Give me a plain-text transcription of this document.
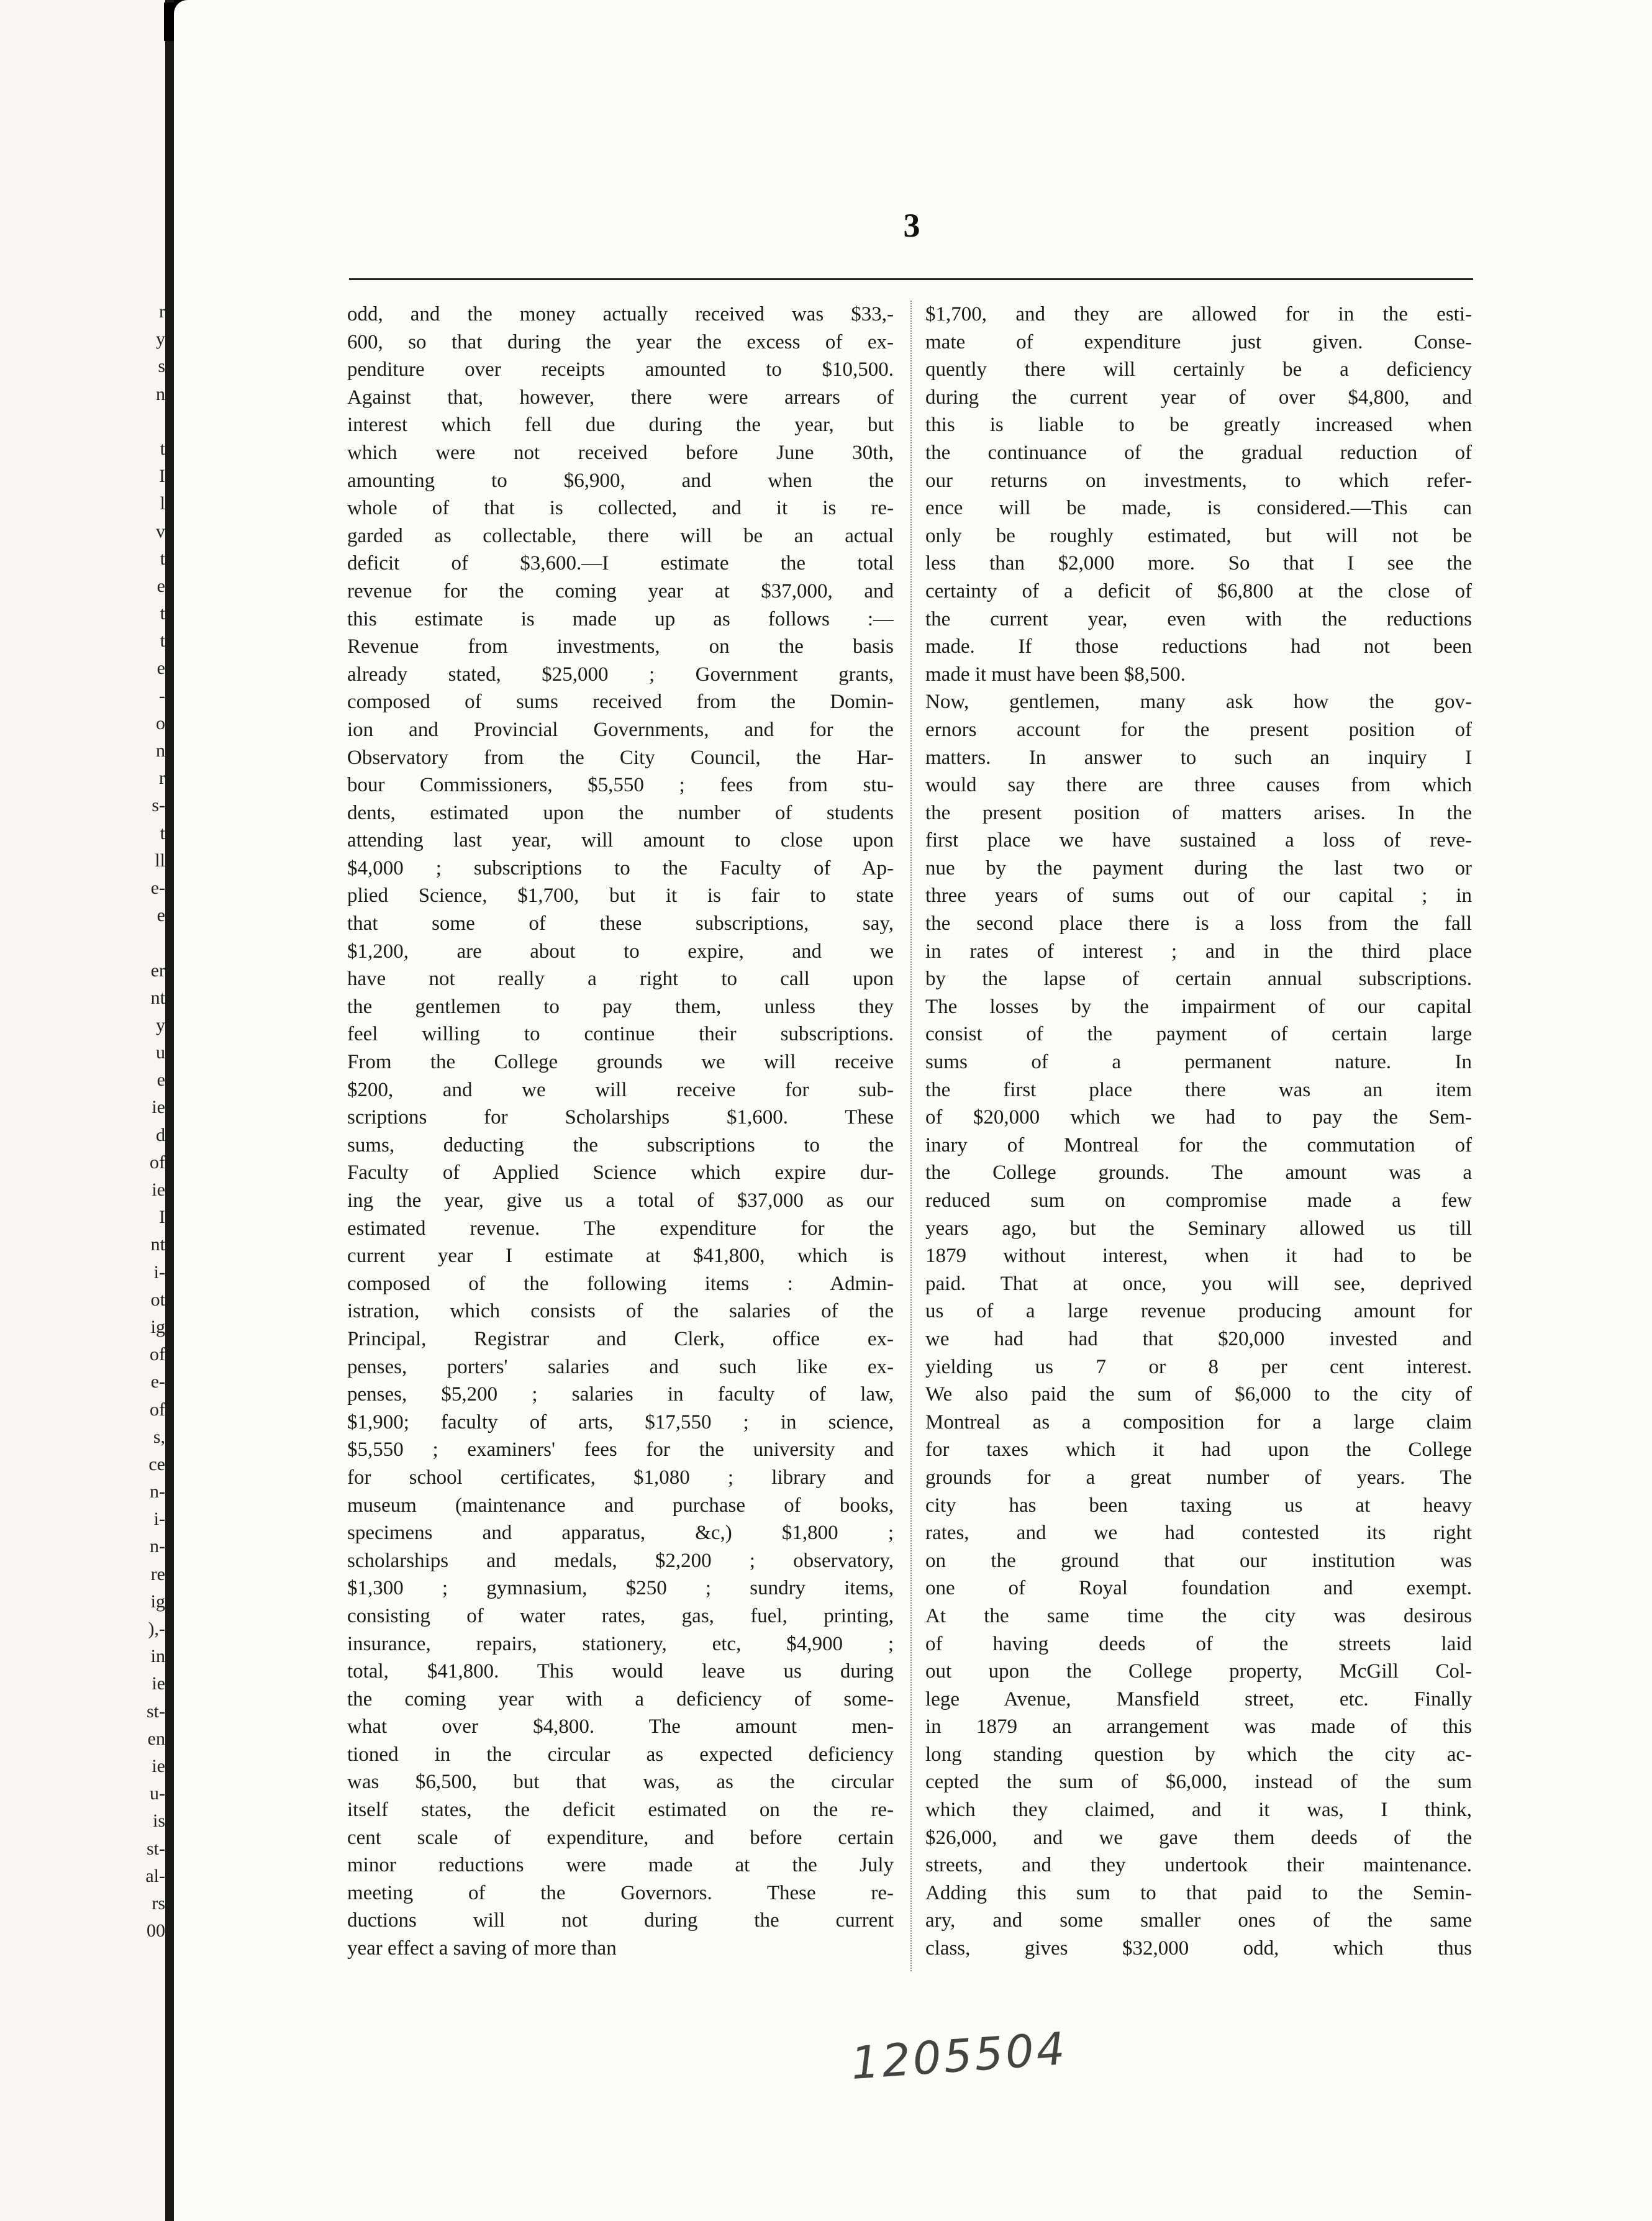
r
y
s
n
t
I
l
v
t
e
t
t
e
-
o
n
r
s-
t
ll
e-
e
er
nt
y
u
e
ie
d
of
ie
I
nt
i-
ot
ig
of
e-
of
s,
ce
n-
i-
n-
re
ig
),-
in
ie
st-
en
ie
u-
is
st-
al-
rs
00
3
odd, and the money actually received was $33,-
600, so that during the year the excess of ex-
penditure over receipts amounted to $10,500.
Against that, however, there were arrears of
interest which fell due during the year, but
which were not received before June 30th,
amounting to $6,900, and when the
whole of that is collected, and it is re-
garded as collectable, there will be an actual
deficit of $3,600.—I estimate the total
revenue for the coming year at $37,000, and
this estimate is made up as follows :—
Revenue from investments, on the basis
already stated, $25,000 ; Government grants,
composed of sums received from the Domin-
ion and Provincial Governments, and for the
Observatory from the City Council, the Har-
bour Commissioners, $5,550 ; fees from stu-
dents, estimated upon the number of students
attending last year, will amount to close upon
$4,000 ; subscriptions to the Faculty of Ap-
plied Science, $1,700, but it is fair to state
that some of these subscriptions, say,
$1,200, are about to expire, and we
have not really a right to call upon
the gentlemen to pay them, unless they
feel willing to continue their subscriptions.
From the College grounds we will receive
$200, and we will receive for sub-
scriptions for Scholarships $1,600. These
sums, deducting the subscriptions to the
Faculty of Applied Science which expire dur-
ing the year, give us a total of $37,000 as our
estimated revenue. The expenditure for the
current year I estimate at $41,800, which is
composed of the following items : Admin-
istration, which consists of the salaries of the
Principal, Registrar and Clerk, office ex-
penses, porters' salaries and such like ex-
penses, $5,200 ; salaries in faculty of law,
$1,900; faculty of arts, $17,550 ; in science,
$5,550 ; examiners' fees for the university and
for school certificates, $1,080 ; library and
museum (maintenance and purchase of books,
specimens and apparatus, &c,) $1,800 ;
scholarships and medals, $2,200 ; observatory,
$1,300 ; gymnasium, $250 ; sundry items,
consisting of water rates, gas, fuel, printing,
insurance, repairs, stationery, etc, $4,900 ;
total, $41,800. This would leave us during
the coming year with a deficiency of some-
what over $4,800. The amount men-
tioned in the circular as expected deficiency
was $6,500, but that was, as the circular
itself states, the deficit estimated on the re-
cent scale of expenditure, and before certain
minor reductions were made at the July
meeting of the Governors. These re-
ductions will not during the current
year effect a saving of more than
$1,700, and they are allowed for in the esti-
mate of expenditure just given. Conse-
quently there will certainly be a deficiency
during the current year of over $4,800, and
this is liable to be greatly increased when
the continuance of the gradual reduction of
our returns on investments, to which refer-
ence will be made, is considered.—This can
only be roughly estimated, but will not be
less than $2,000 more. So that I see the
certainty of a deficit of $6,800 at the close of
the current year, even with the reductions
made. If those reductions had not been
made it must have been $8,500.
Now, gentlemen, many ask how the gov-
ernors account for the present position of
matters. In answer to such an inquiry I
would say there are three causes from which
the present position of matters arises. In the
first place we have sustained a loss of reve-
nue by the payment during the last two or
three years of sums out of our capital ; in
the second place there is a loss from the fall
in rates of interest ; and in the third place
by the lapse of certain annual subscriptions.
The losses by the impairment of our capital
consist of the payment of certain large
sums of a permanent nature. In
the first place there was an item
of $20,000 which we had to pay the Sem-
inary of Montreal for the commutation of
the College grounds. The amount was a
reduced sum on compromise made a few
years ago, but the Seminary allowed us till
1879 without interest, when it had to be
paid. That at once, you will see, deprived
us of a large revenue producing amount for
we had had that $20,000 invested and
yielding us 7 or 8 per cent interest.
We also paid the sum of $6,000 to the city of
Montreal as a composition for a large claim
for taxes which it had upon the College
grounds for a great number of years. The
city has been taxing us at heavy
rates, and we had contested its right
on the ground that our institution was
one of Royal foundation and exempt.
At the same time the city was desirous
of having deeds of the streets laid
out upon the College property, McGill Col-
lege Avenue, Mansfield street, etc. Finally
in 1879 an arrangement was made of this
long standing question by which the city ac-
cepted the sum of $6,000, instead of the sum
which they claimed, and it was, I think,
$26,000, and we gave them deeds of the
streets, and they undertook their maintenance.
Adding this sum to that paid to the Semin-
ary, and some smaller ones of the same
class, gives $32,000 odd, which thus
1205504
